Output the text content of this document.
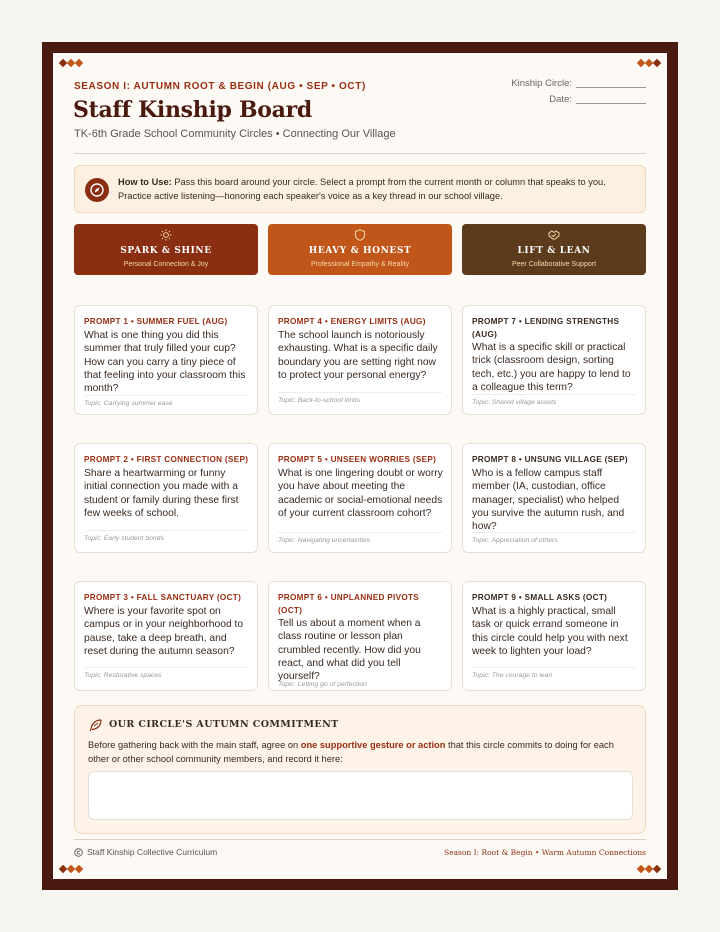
SEASON I: AUTUMN ROOT & BEGIN (AUG • SEP • OCT)
Staff Kinship Board
TK-6th Grade School Community Circles • Connecting Our Village
Kinship Circle:
Date:
How to Use: Pass this board around your circle. Select a prompt from the current month or column that speaks to you. Practice active listening—honoring each speaker's voice as a key thread in our school village.
SPARK & SHINE
Personal Connection & Joy
HEAVY & HONEST
Professional Empathy & Reality
LIFT & LEAN
Peer Collaborative Support
PROMPT 1 • SUMMER FUEL (AUG)
What is one thing you did this summer that truly filled your cup? How can you carry a tiny piece of that feeling into your classroom this month?
Topic: Carrying summer ease
PROMPT 4 • ENERGY LIMITS (AUG)
The school launch is notoriously exhausting. What is a specific daily boundary you are setting right now to protect your personal energy?
Topic: Back-to-school limits
PROMPT 7 • LENDING STRENGTHS (AUG)
What is a specific skill or practical trick (classroom design, sorting tech, etc.) you are happy to lend to a colleague this term?
Topic: Shared village assets
PROMPT 2 • FIRST CONNECTION (SEP)
Share a heartwarming or funny initial connection you made with a student or family during these first few weeks of school.
Topic: Early student bonds
PROMPT 5 • UNSEEN WORRIES (SEP)
What is one lingering doubt or worry you have about meeting the academic or social-emotional needs of your current classroom cohort?
Topic: Navigating uncertainties
PROMPT 8 • UNSUNG VILLAGE (SEP)
Who is a fellow campus staff member (IA, custodian, office manager, specialist) who helped you survive the autumn rush, and how?
Topic: Appreciation of others
PROMPT 3 • FALL SANCTUARY (OCT)
Where is your favorite spot on campus or in your neighborhood to pause, take a deep breath, and reset during the autumn season?
Topic: Restorative spaces
PROMPT 6 • UNPLANNED PIVOTS (OCT)
Tell us about a moment when a class routine or lesson plan crumbled recently. How did you react, and what did you tell yourself?
Topic: Letting go of perfection
PROMPT 9 • SMALL ASKS (OCT)
What is a highly practical, small task or quick errand someone in this circle could help you with next week to lighten your load?
Topic: The courage to lean
OUR CIRCLE'S AUTUMN COMMITMENT
Before gathering back with the main staff, agree on one supportive gesture or action that this circle commits to doing for each other or other school community members, and record it here:
Staff Kinship Collective Curriculum	Season I: Root & Begin • Warm Autumn Connections
